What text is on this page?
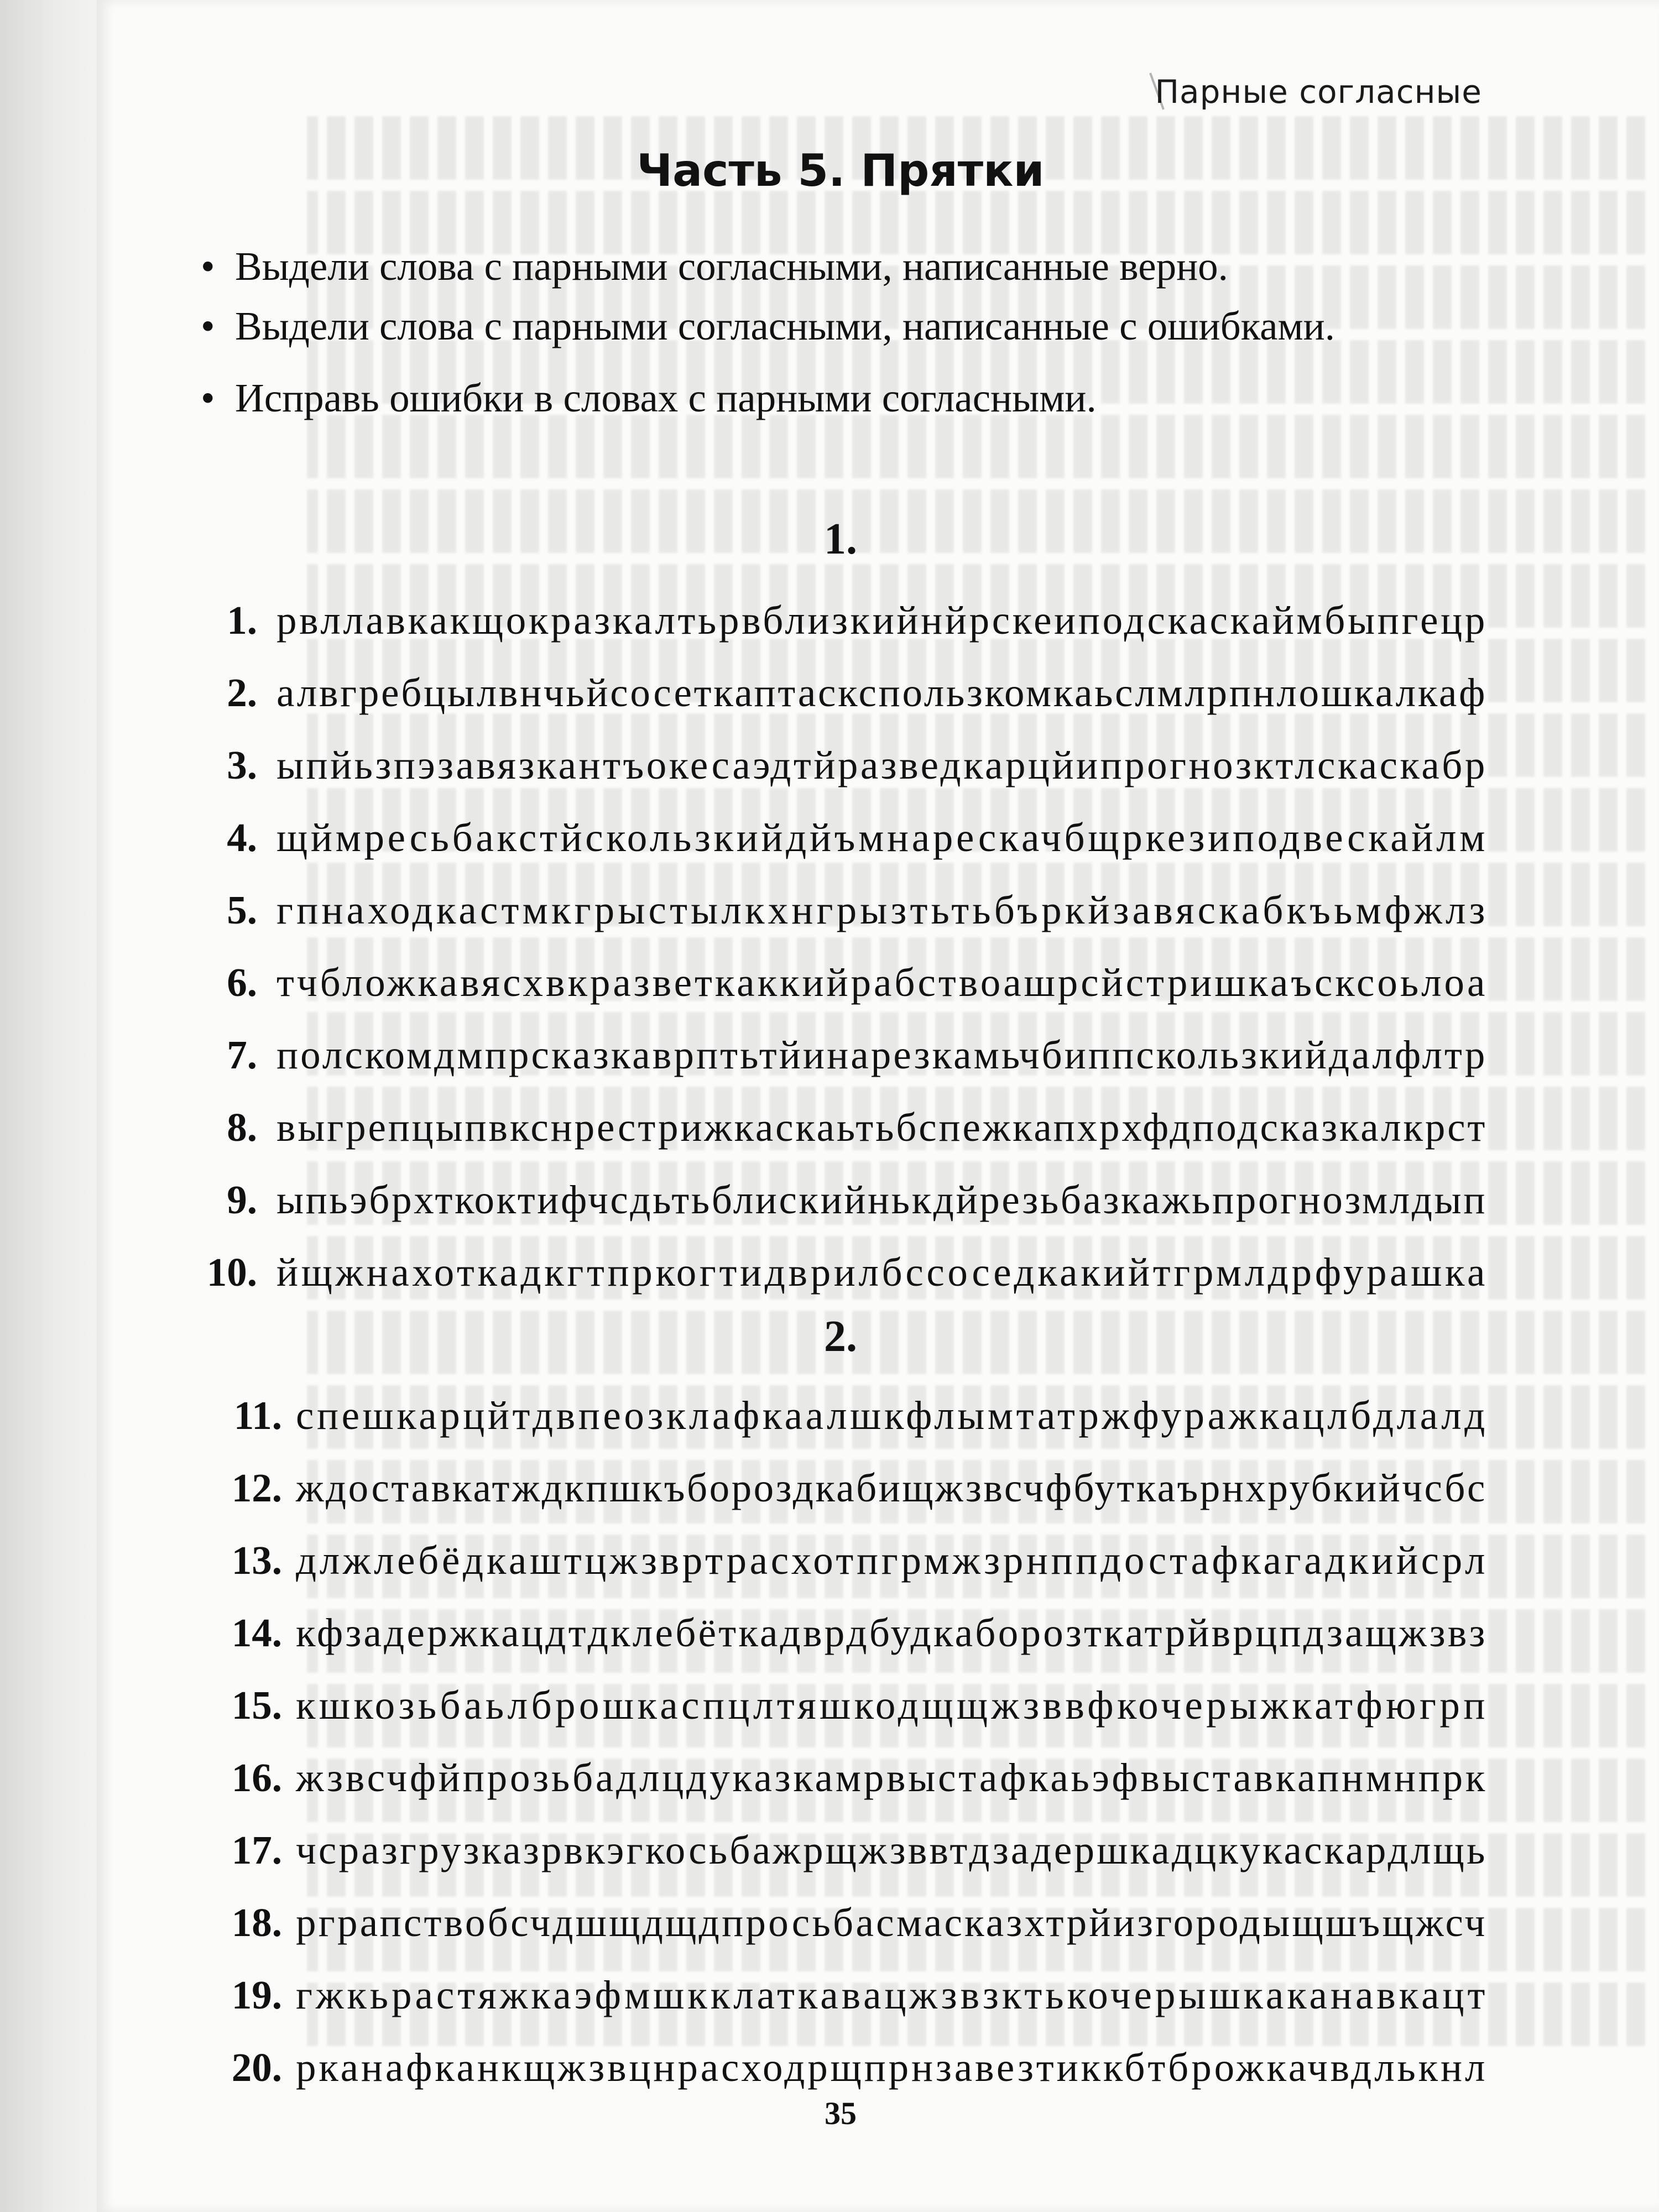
Парные согласные
Часть 5. Прятки
• Выдели слова с парными согласными, написанные верно.
• Выдели слова с парными согласными, написанные с ошибками.
• Исправь ошибки в словах с парными согласными.
1.
1. рвллавкакщокразкалтьрвблизкийнйрскеиподскаскаймбыпгецр
2. алвгребцылвнчьйсосеткаптаскспользкомкаьслмлрпнлошкалкаф
3. ыпйьзпэзавязкантъокесаэдтйразведкарцйипрогнозктлскаскабр
4. щймресьбакстйскользкийдйъмнарескачбщркезиподвескайлм
5. гпнаходкастмкгрыстылкхнгрызтьтьбъркйзавяскабкъьмфжлз
6. тчбложкавясхвкразветкаккийрабствоашрсйстришкаъсксоьлоа
7. полскомдмпрсказкаврптьтйинарезкамьчбиппскользкийдалфлтр
8. выгрепцыпвкснрестрижкаскаьтьбспежкапхрхфдподсказкалкрст
9. ыпьэбрхткоктифчсдьтьблискийнькдйрезьбазкажьпрогнозмлдып
10. йщжнахоткадкгтпркогтидврилбссоседкакийтгрмлдрфурашка
2.
11. спешкарцйтдвпеозклафкаалшкфлымтатржфуражкацлбдлалд
12. ждоставкатждкпшкъбороздкабищжзвсчфбуткаърнхрубкийчсбс
13. длжлебёдкаштцжзвртрасхотпгрмжзрнппдостафкагадкийсрл
14. кфзадержкацдтдклебёткадврдбудкаборозткатрйврцпдзащжзвз
15. кшкозьбаьлброшкаспцлтяшкодщщжзввфкочерыжкатфюгрп
16. жзвсчфйпрозьбадлцдуказкамрвыстафкаьэфвыставкапнмнпрк
17. чсразгрузказрвкэгкосьбажрщжзввтдзадершкадцкукаскардлщь
18. рграпствобсчдшщдщдпросьбасмасказхтрйизгородыщшъщжсч
19. гжкьрастяжкаэфмшкклаткавацжзвзктькочерышкаканавкацт
20. рканафканкщжзвцнрасходрщпрнзавезтиккбтброжкачвдлькнл
35
